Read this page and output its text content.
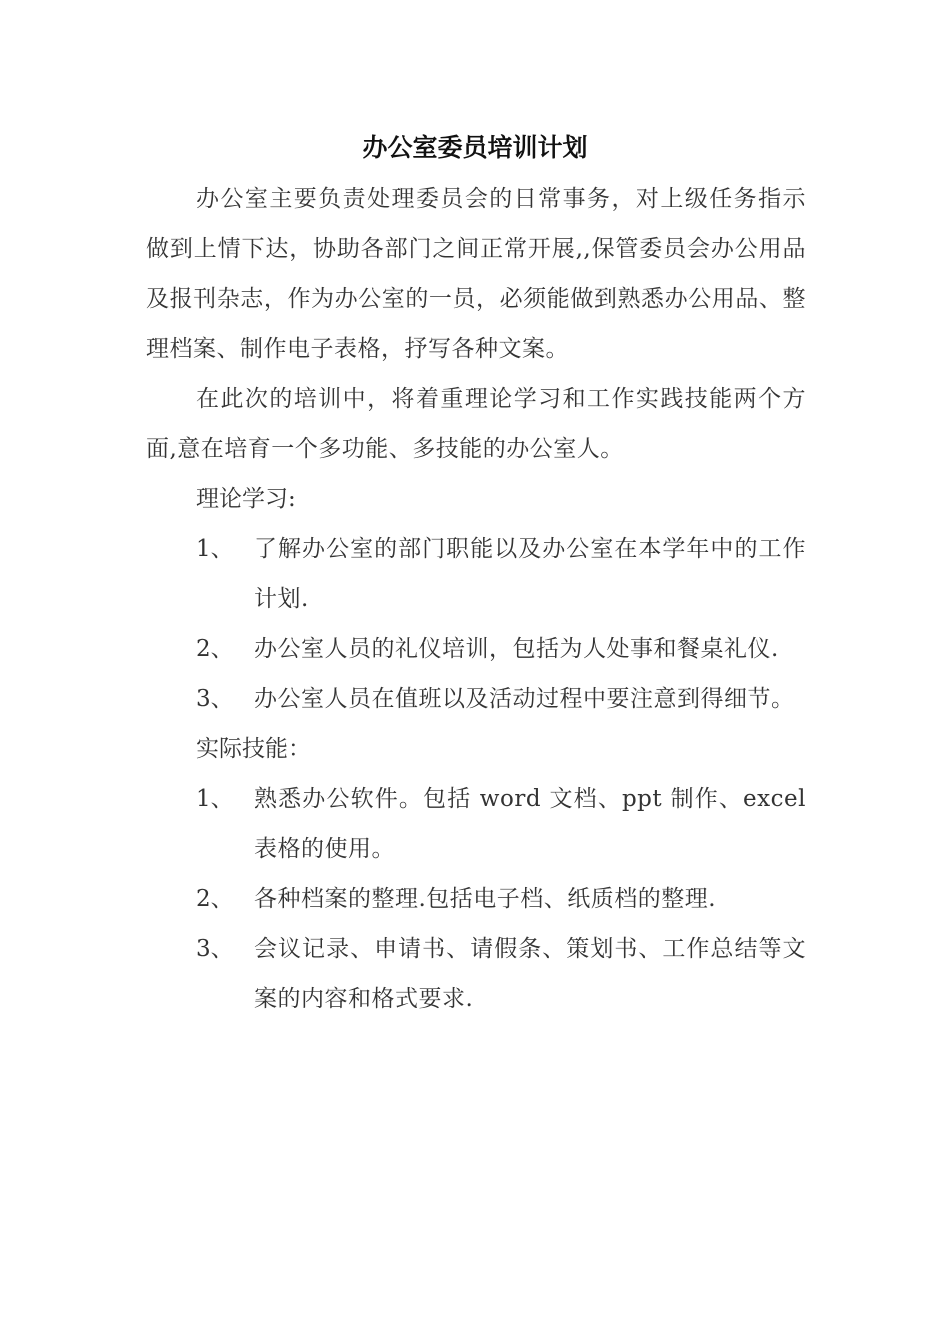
办公室委员培训计划

办公室主要负责处理委员会的日常事务，对上级任务指示做到上情下达，协助各部门之间正常开展,,保管委员会办公用品及报刊杂志，作为办公室的一员，必须能做到熟悉办公用品、整理档案、制作电子表格，抒写各种文案。

在此次的培训中，将着重理论学习和工作实践技能两个方面,意在培育一个多功能、多技能的办公室人。

理论学习:

1、 了解办公室的部门职能以及办公室在本学年中的工作计划.
2、 办公室人员的礼仪培训，包括为人处事和餐桌礼仪.
3、 办公室人员在值班以及活动过程中要注意到得细节。

实际技能：

1、 熟悉办公软件。包括 word 文档、ppt 制作、excel 表格的使用。
2、 各种档案的整理.包括电子档、纸质档的整理.
3、 会议记录、申请书、请假条、策划书、工作总结等文案的内容和格式要求.
